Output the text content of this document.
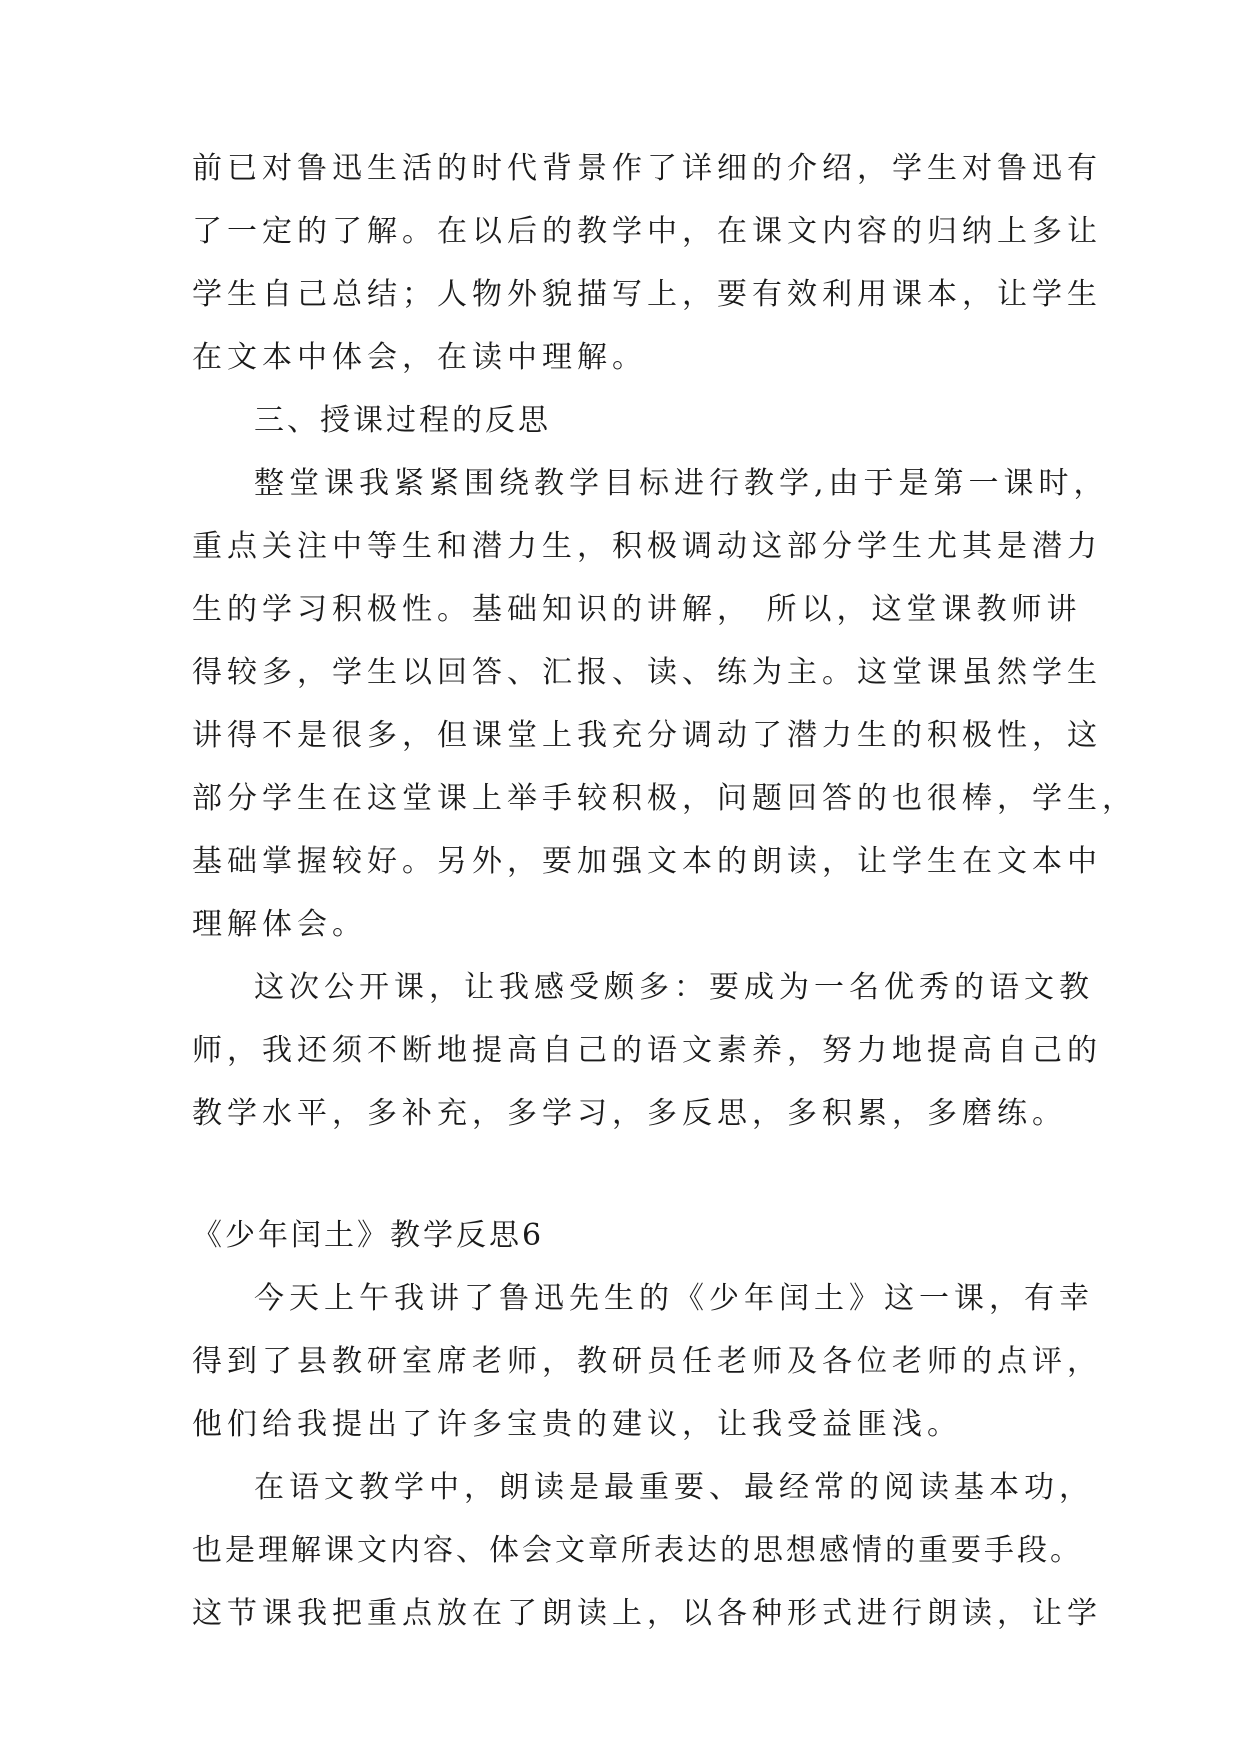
前已对鲁迅生活的时代背景作了详细的介绍，学生对鲁迅有

了一定的了解。在以后的教学中，在课文内容的归纳上多让

学生自己总结；人物外貌描写上，要有效利用课本，让学生

在文本中体会，在读中理解。

三、授课过程的反思

整堂课我紧紧围绕教学目标进行教学,由于是第一课时，

重点关注中等生和潜力生，积极调动这部分学生尤其是潜力

生的学习积极性。基础知识的讲解， 所以，这堂课教师讲

得较多，学生以回答、汇报、读、练为主。这堂课虽然学生

讲得不是很多，但课堂上我充分调动了潜力生的积极性，这

部分学生在这堂课上举手较积极，问题回答的也很棒，学生，

基础掌握较好。另外，要加强文本的朗读，让学生在文本中

理解体会。

这次公开课，让我感受颇多：要成为一名优秀的语文教

师，我还须不断地提高自己的语文素养，努力地提高自己的

教学水平，多补充，多学习，多反思，多积累，多磨练。

《少年闰土》教学反思6

今天上午我讲了鲁迅先生的《少年闰土》这一课，有幸

得到了县教研室席老师，教研员任老师及各位老师的点评，

他们给我提出了许多宝贵的建议，让我受益匪浅。

在语文教学中，朗读是最重要、最经常的阅读基本功，

也是理解课文内容、体会文章所表达的思想感情的重要手段。

这节课我把重点放在了朗读上，以各种形式进行朗读，让学
